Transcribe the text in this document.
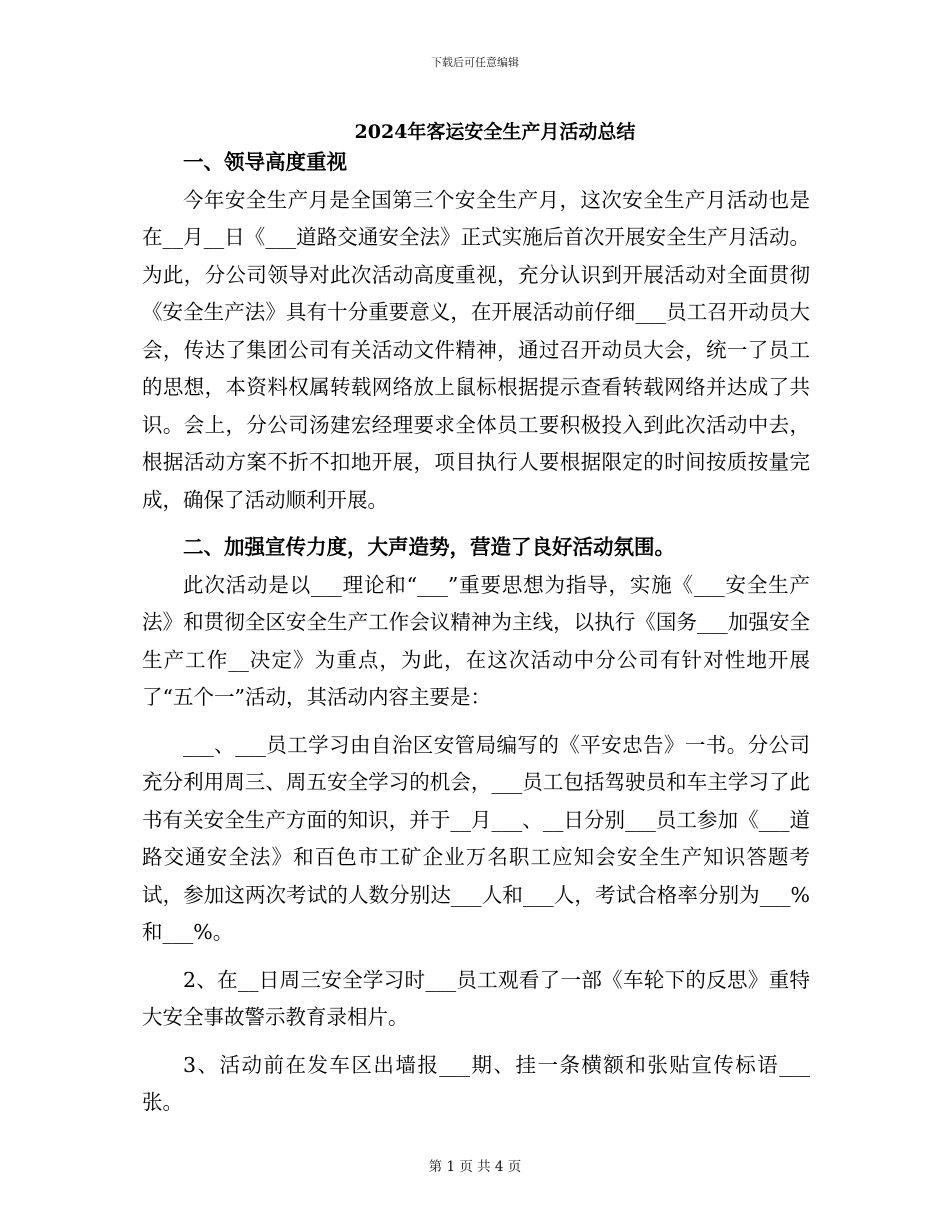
下载后可任意编辑
2024年客运安全生产月活动总结
一、领导高度重视

今年安全生产月是全国第三个安全生产月，这次安全生产月活动也是在__月__日《___道路交通安全法》正式实施后首次开展安全生产月活动。为此，分公司领导对此次活动高度重视，充分认识到开展活动对全面贯彻《安全生产法》具有十分重要意义，在开展活动前仔细___员工召开动员大会，传达了集团公司有关活动文件精神，通过召开动员大会，统一了员工的思想，本资料权属转载网络放上鼠标根据提示查看转载网络并达成了共识。会上，分公司汤建宏经理要求全体员工要积极投入到此次活动中去，根据活动方案不折不扣地开展，项目执行人要根据限定的时间按质按量完成，确保了活动顺利开展。

二、加强宣传力度，大声造势，营造了良好活动氛围。

此次活动是以___理论和“___”重要思想为指导，实施《___安全生产法》和贯彻全区安全生产工作会议精神为主线，以执行《国务___加强安全生产工作__决定》为重点，为此，在这次活动中分公司有针对性地开展了“五个一”活动，其活动内容主要是：

___、___员工学习由自治区安管局编写的《平安忠告》一书。分公司充分利用周三、周五安全学习的机会，___员工包括驾驶员和车主学习了此书有关安全生产方面的知识，并于__月___、__日分别___员工参加《___道路交通安全法》和百色市工矿企业万名职工应知会安全生产知识答题考试，参加这两次考试的人数分别达___人和___人，考试合格率分别为___%和___%。

2、在__日周三安全学习时___员工观看了一部《车轮下的反思》重特大安全事故警示教育录相片。

3、活动前在发车区出墙报___期、挂一条横额和张贴宣传标语___张。

第 1 页 共 4 页
